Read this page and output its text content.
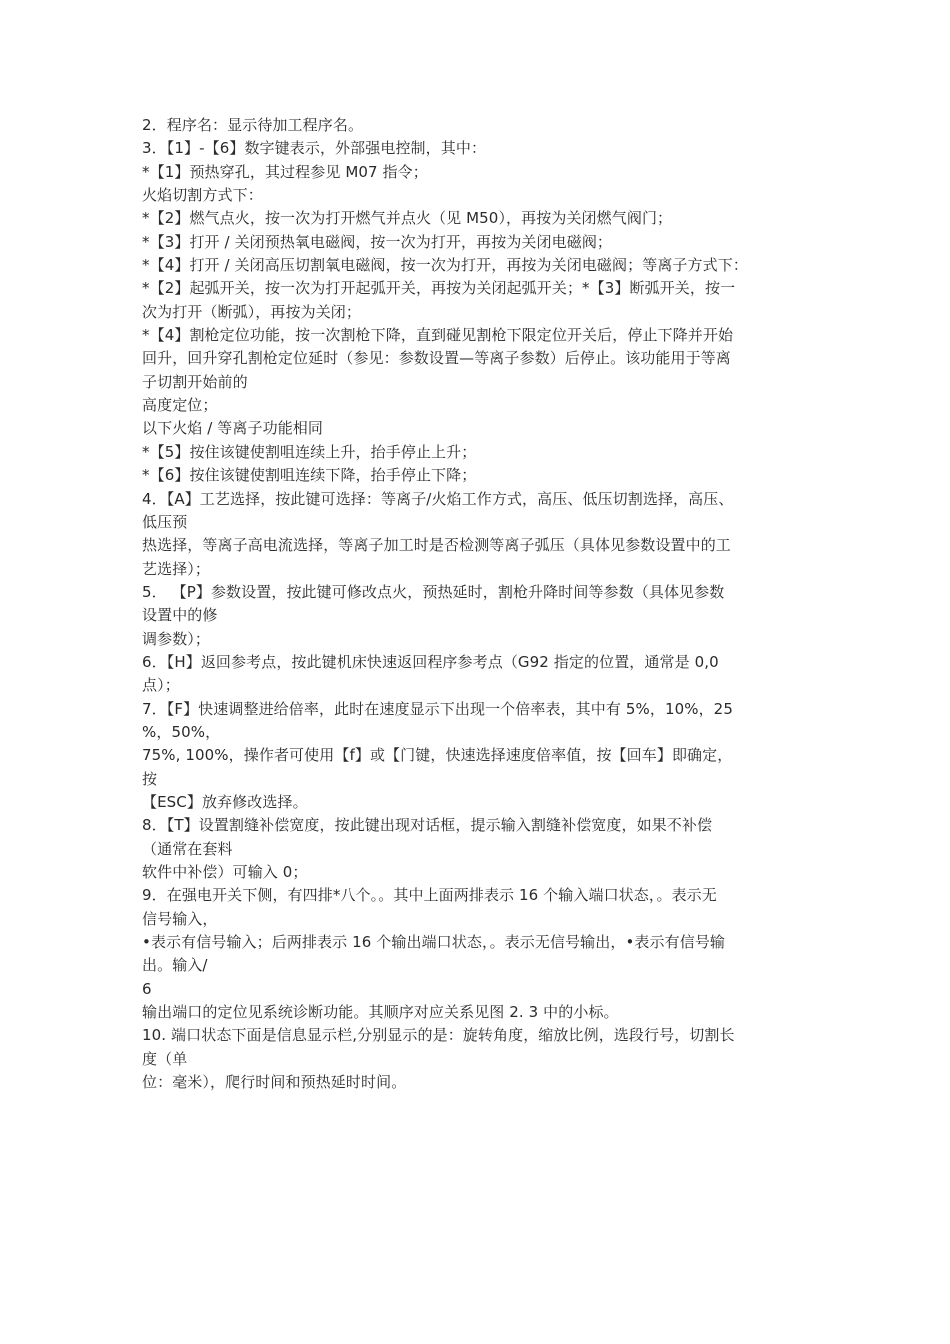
2．程序名：显示待加工程序名。
3．【1】-【6】数字键表示，外部强电控制，其中：
*【1】预热穿孔，其过程参见 M07 指令；
火焰切割方式下：
*【2】燃气点火，按一次为打开燃气并点火（见 M50），再按为关闭燃气阀门；
*【3】打开 / 关闭预热氧电磁阀，按一次为打开，再按为关闭电磁阀；
*【4】打开 / 关闭高压切割氧电磁阀，按一次为打开，再按为关闭电磁阀；等离子方式下：
*【2】起弧开关，按一次为打开起弧开关，再按为关闭起弧开关；*【3】断弧开关，按一
次为打开（断弧），再按为关闭；
*【4】割枪定位功能，按一次割枪下降，直到碰见割枪下限定位开关后，停止下降并开始
回升，回升穿孔割枪定位延时（参见：参数设置—等离子参数）后停止。该功能用于等离
子切割开始前的
高度定位；
以下火焰 / 等离子功能相同
*【5】按住该键使割咀连续上升，抬手停止上升；
*【6】按住该键使割咀连续下降，抬手停止下降；
4．【A】工艺选择，按此键可选择：等离子/火焰工作方式，高压、低压切割选择，高压、
低压预
热选择，等离子高电流选择，等离子加工时是否检测等离子弧压（具体见参数设置中的工
艺选择）；
5． 【P】参数设置，按此键可修改点火，预热延时，割枪升降时间等参数（具体见参数
设置中的修
调参数）；
6．【H】返回参考点，按此键机床快速返回程序参考点（G92 指定的位置，通常是 0,0
点）；
7．【F】快速调整进给倍率，此时在速度显示下出现一个倍率表，其中有 5%，10%，25
%，50%，
75%, 100%，操作者可使用【f】或【门键，快速选择速度倍率值，按【回车】即确定，
按
【ESC】放弃修改选择。
8．【T】设置割缝补偿宽度，按此键出现对话框，提示输入割缝补偿宽度，如果不补偿
（通常在套料
软件中补偿）可输入 0；
9．在强电开关下侧，有四排*八个。。其中上面两排表示 16 个输入端口状态，。表示无
信号输入，
•表示有信号输入；后两排表示 16 个输出端口状态，。表示无信号输出，•表示有信号输
出。输入/
6
输出端口的定位见系统诊断功能。其顺序对应关系见图 2. 3 中的小标。
10. 端口状态下面是信息显示栏,分别显示的是：旋转角度，缩放比例，选段行号，切割长
度（单
位：毫米），爬行时间和预热延时时间。
